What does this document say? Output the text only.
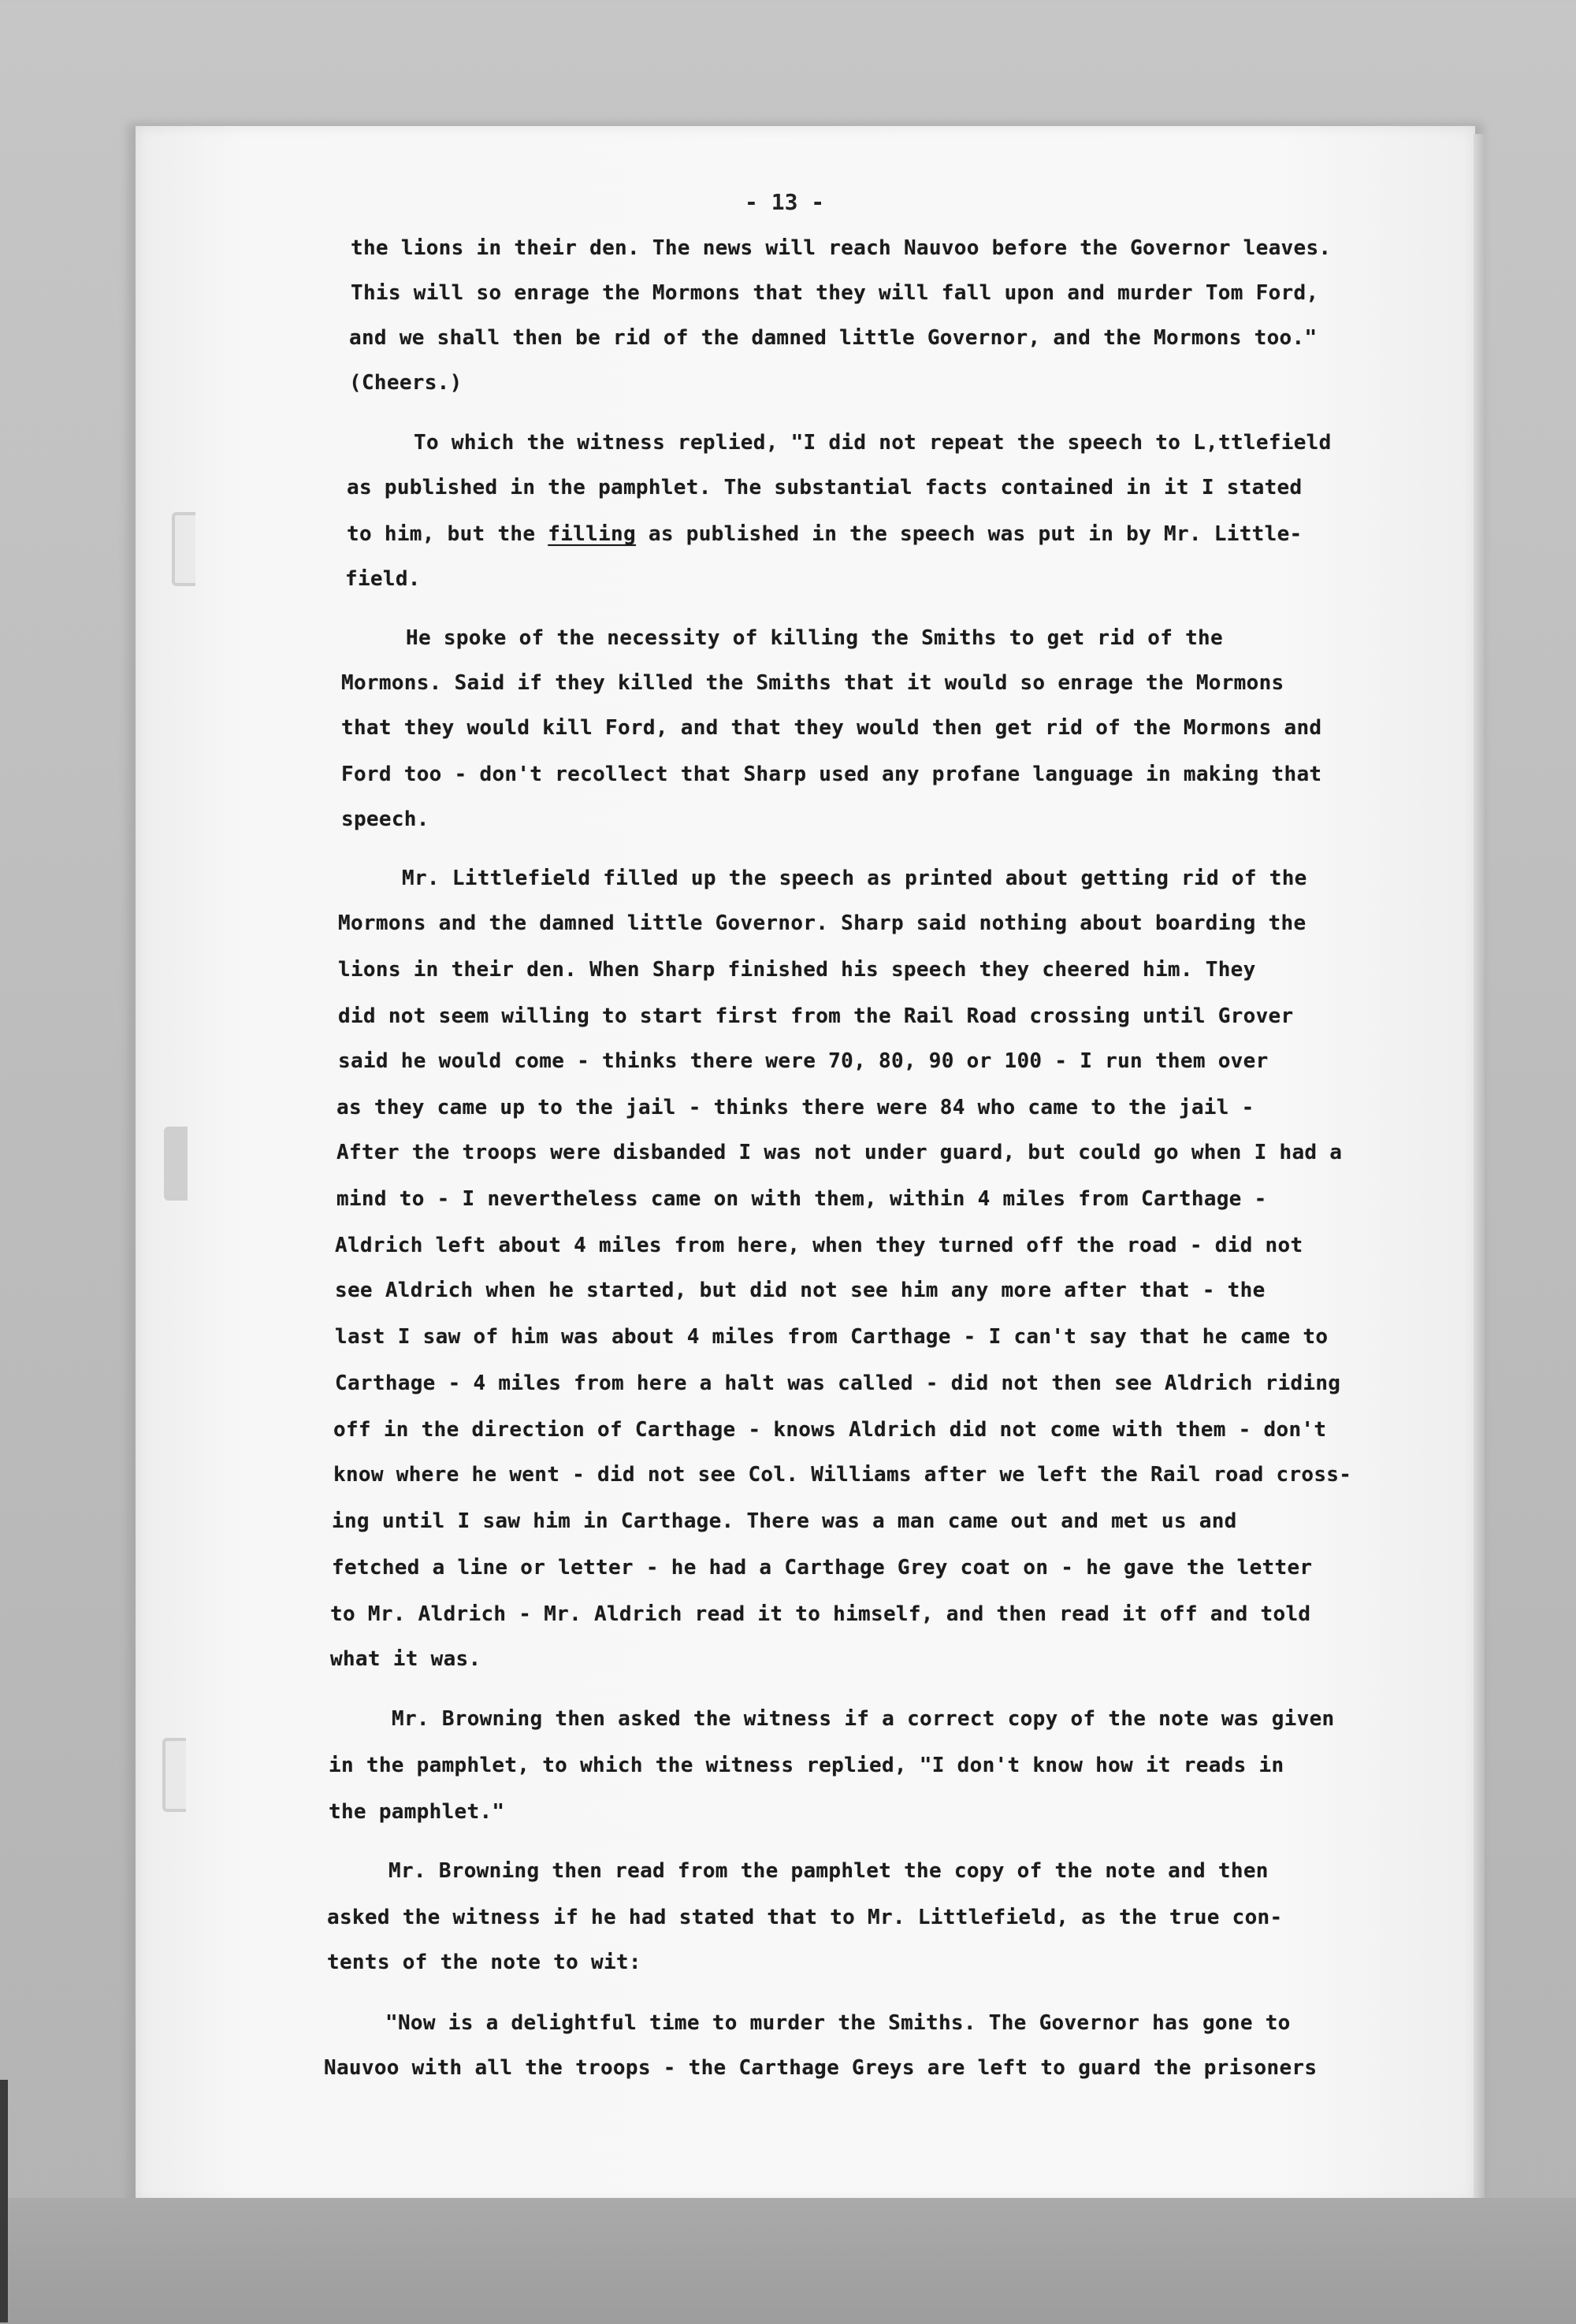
- 13 -
the lions in their den. The news will reach Nauvoo before the Governor leaves.
This will so enrage the Mormons that they will fall upon and murder Tom Ford,
and we shall then be rid of the damned little Governor, and the Mormons too."
(Cheers.)
To which the witness replied, "I did not repeat the speech to L,ttlefield
as published in the pamphlet. The substantial facts contained in it I stated
to him, but the filling as published in the speech was put in by Mr. Little-
field.
He spoke of the necessity of killing the Smiths to get rid of the
Mormons. Said if they killed the Smiths that it would so enrage the Mormons
that they would kill Ford, and that they would then get rid of the Mormons and
Ford too - don't recollect that Sharp used any profane language in making that
speech.
Mr. Littlefield filled up the speech as printed about getting rid of the
Mormons and the damned little Governor. Sharp said nothing about boarding the
lions in their den. When Sharp finished his speech they cheered him. They
did not seem willing to start first from the Rail Road crossing until Grover
said he would come - thinks there were 70, 80, 90 or 100 - I run them over
as they came up to the jail - thinks there were 84 who came to the jail -
After the troops were disbanded I was not under guard, but could go when I had a
mind to - I nevertheless came on with them, within 4 miles from Carthage -
Aldrich left about 4 miles from here, when they turned off the road - did not
see Aldrich when he started, but did not see him any more after that - the
last I saw of him was about 4 miles from Carthage - I can't say that he came to
Carthage - 4 miles from here a halt was called - did not then see Aldrich riding
off in the direction of Carthage - knows Aldrich did not come with them - don't
know where he went - did not see Col. Williams after we left the Rail road cross-
ing until I saw him in Carthage. There was a man came out and met us and
fetched a line or letter - he had a Carthage Grey coat on - he gave the letter
to Mr. Aldrich - Mr. Aldrich read it to himself, and then read it off and told
what it was.
Mr. Browning then asked the witness if a correct copy of the note was given
in the pamphlet, to which the witness replied, "I don't know how it reads in
the pamphlet."
Mr. Browning then read from the pamphlet the copy of the note and then
asked the witness if he had stated that to Mr. Littlefield, as the true con-
tents of the note to wit:
"Now is a delightful time to murder the Smiths. The Governor has gone to
Nauvoo with all the troops - the Carthage Greys are left to guard the prisoners
